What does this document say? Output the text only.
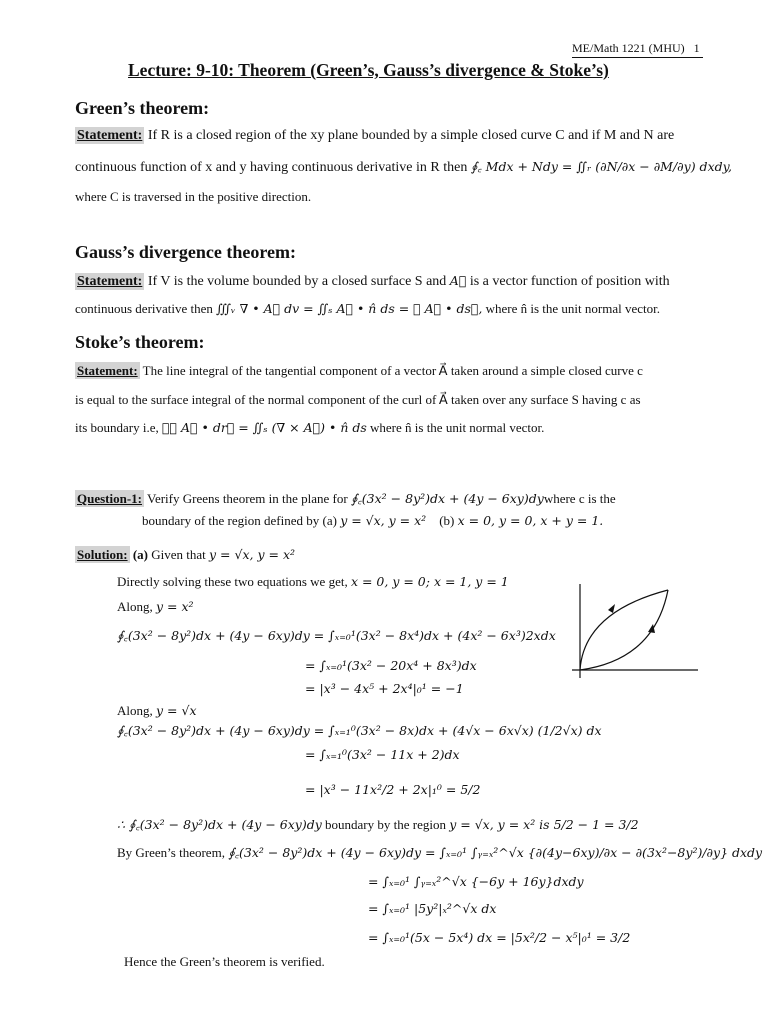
ME/Math 1221 (MHU) 1
Lecture: 9-10: Theorem (Green’s, Gauss’s divergence & Stoke’s)
Green’s theorem:
Statement: If R is a closed region of the xy plane bounded by a simple closed curve C and if M and N are
continuous function of x and y having continuous derivative in R then ∮꜀ Mdx + Ndy = ∬ᵣ (∂N/∂x − ∂M/∂y) dxdy,
where C is traversed in the positive direction.
Gauss’s divergence theorem:
Statement: If V is the volume bounded by a closed surface S and A⃗ is a vector function of position with
continuous derivative then ∭ᵥ ∇ • A⃗ dv = ∬ₛ A⃗ • n̂ ds = ∯ A⃗ • ds⃗, where n̂ is the unit normal vector.
Stoke’s theorem:
Statement: The line integral of the tangential component of a vector A⃗ taken around a simple closed curve c
is equal to the surface integral of the normal component of the curl of A⃗ taken over any surface S having c as
its boundary i.e, ∮꜀ A⃗ • dr⃗ = ∬ₛ (∇ × A⃗) • n̂ ds where n̂ is the unit normal vector.
Question-1: Verify Greens theorem in the plane for ∮꜀(3x² − 8y²)dx + (4y − 6xy)dywhere c is the
boundary of the region defined by (a) y = √x, y = x² (b) x = 0, y = 0, x + y = 1.
Solution: (a) Given that y = √x, y = x²
Directly solving these two equations we get, x = 0, y = 0; x = 1, y = 1
Along, y = x²
∮꜀(3x² − 8y²)dx + (4y − 6xy)dy = ∫ₓ₌₀¹(3x² − 8x⁴)dx + (4x² − 6x³)2xdx
= ∫ₓ₌₀¹(3x² − 20x⁴ + 8x³)dx
= |x³ − 4x⁵ + 2x⁴|₀¹ = −1
Along, y = √x
∮꜀(3x² − 8y²)dx + (4y − 6xy)dy = ∫ₓ₌₁⁰(3x² − 8x)dx + (4√x − 6x√x) (1/2√x) dx
= ∫ₓ₌₁⁰(3x² − 11x + 2)dx
= |x³ − 11x²/2 + 2x|₁⁰ = 5/2
∴ ∮꜀(3x² − 8y²)dx + (4y − 6xy)dy boundary by the region y = √x, y = x² is 5/2 − 1 = 3/2
By Green’s theorem, ∮꜀(3x² − 8y²)dx + (4y − 6xy)dy = ∫ₓ₌₀¹ ∫ᵧ₌ₓ²^√x {∂(4y−6xy)/∂x − ∂(3x²−8y²)/∂y} dxdy
= ∫ₓ₌₀¹ ∫ᵧ₌ₓ²^√x {−6y + 16y}dxdy
= ∫ₓ₌₀¹ |5y²|ₓ²^√x dx
= ∫ₓ₌₀¹(5x − 5x⁴) dx = |5x²/2 − x⁵|₀¹ = 3/2
Hence the Green’s theorem is verified.
